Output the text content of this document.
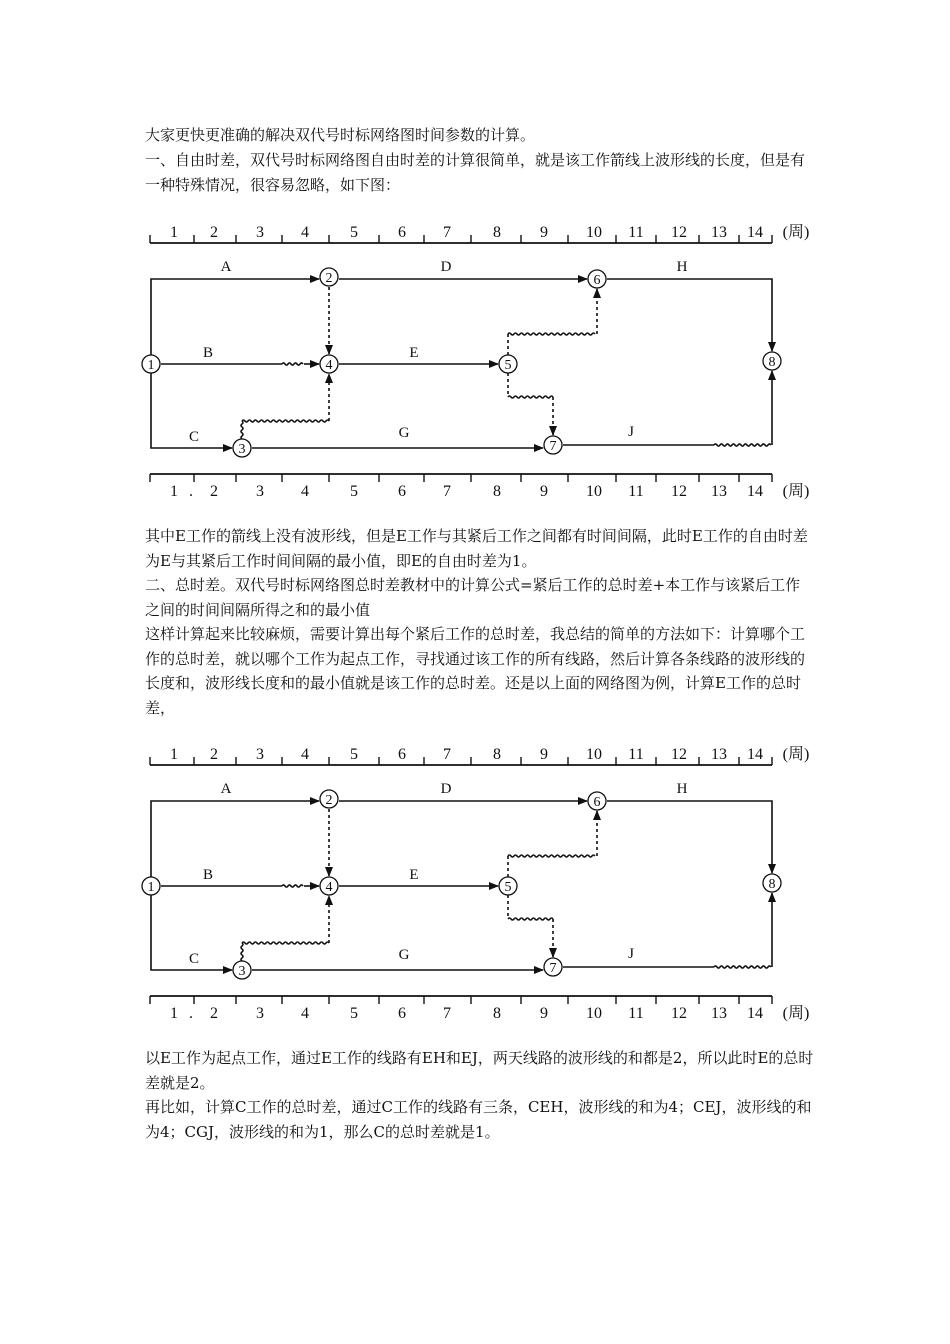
大家更快更准确的解决双代号时标网络图时间参数的计算。

一、自由时差，双代号时标网络图自由时差的计算很简单，就是该工作箭线上波形线的长度，但是有一种特殊情况，很容易忽略，如下图：

1 2 3 4	5	6 7	8 9 10 11 12 13 14 (周)
1 2 3 4	5	6 7	8 9 10 11 12 13 14 (周)
.
A
B
C
D
E
G
H
J
1
2
3
4	5
6
7
8

其中E工作的箭线上没有波形线，但是E工作与其紧后工作之间都有时间间隔，此时E工作的自由时差为E与其紧后工作时间间隔的最小值，即E的自由时差为1。

二、总时差。双代号时标网络图总时差教材中的计算公式=紧后工作的总时差+本工作与该紧后工作之间的时间间隔所得之和的最小值

这样计算起来比较麻烦，需要计算出每个紧后工作的总时差，我总结的简单的方法如下：计算哪个工作的总时差，就以哪个工作为起点工作，寻找通过该工作的所有线路，然后计算各条线路的波形线的长度和，波形线长度和的最小值就是该工作的总时差。还是以上面的网络图为例，计算E工作的总时差，

1 2 3 4	5	6 7	8 9 10 11 12 13 14 (周)
1 2 3 4	5	6 7	8 9 10 11 12 13 14 (周)
.
A
B
C
D
E
G
H
J
1
2
3
4	5
6
7
8

以E工作为起点工作，通过E工作的线路有EH和EJ，两天线路的波形线的和都是2，所以此时E的总时差就是2。

再比如，计算C工作的总时差，通过C工作的线路有三条，CEH，波形线的和为4；CEJ，波形线的和为4；CGJ，波形线的和为1，那么C的总时差就是1。
